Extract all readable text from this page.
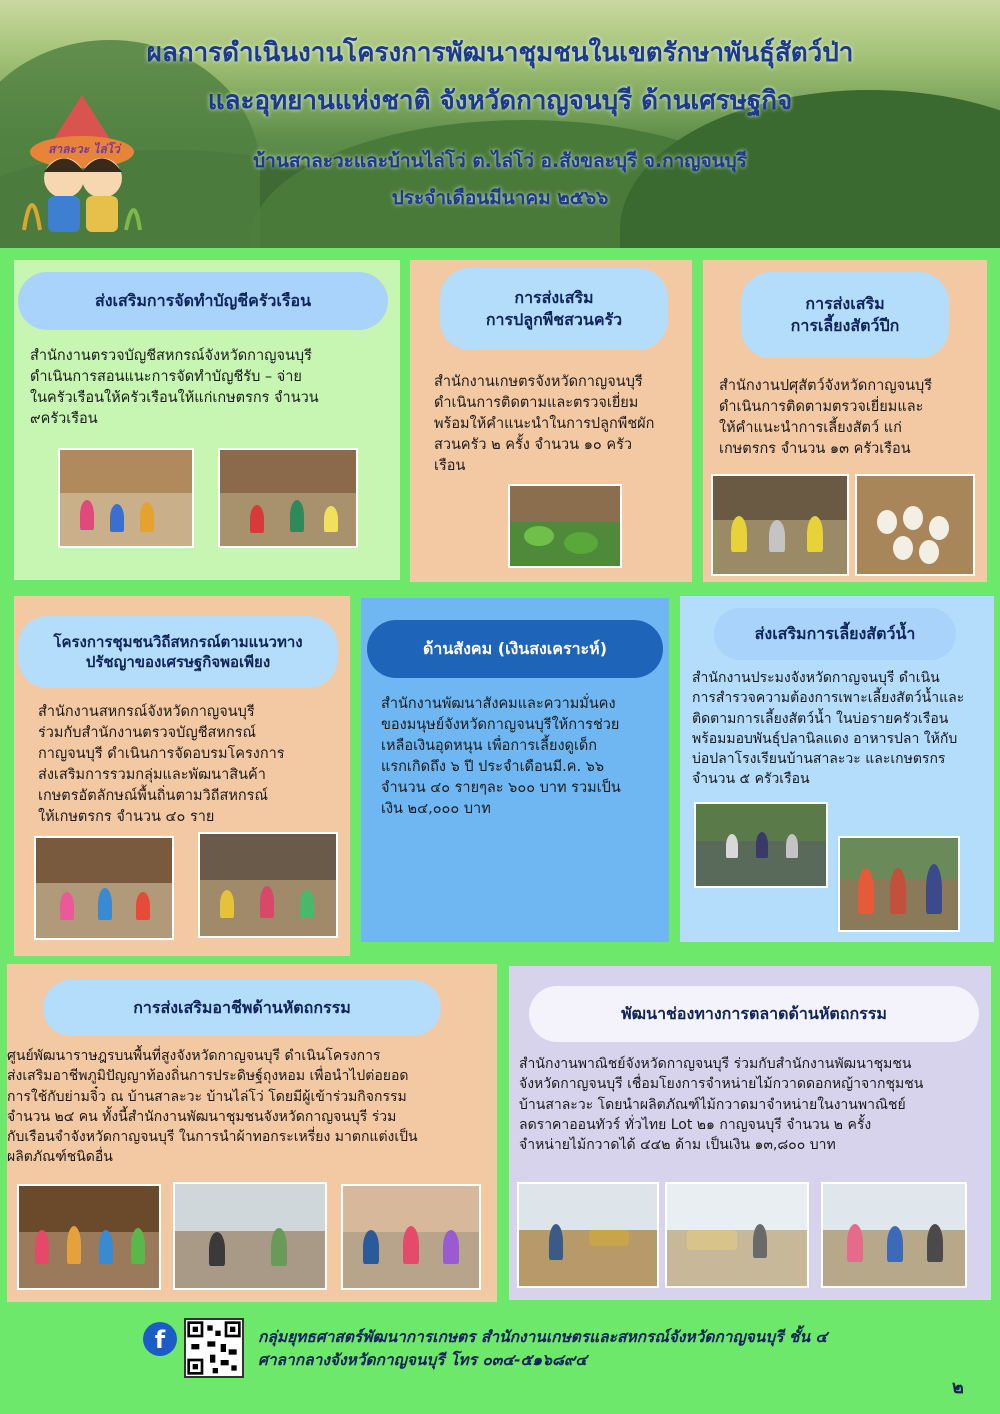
ผลการดำเนินงานโครงการพัฒนาชุมชนในเขตรักษาพันธุ์สัตว์ป่า
และอุทยานแห่งชาติ จังหวัดกาญจนบุรี ด้านเศรษฐกิจ
บ้านสาละวะและบ้านไล่โว่ ต.ไล่โว่ อ.สังขละบุรี จ.กาญจนบุรี
ประจำเดือนมีนาคม ๒๕๖๖
สาละวะ ไล่โว่
ส่งเสริมการจัดทำบัญชีครัวเรือน
สำนักงานตรวจบัญชีสหกรณ์จังหวัดกาญจนบุรี
ดำเนินการสอนแนะการจัดทำบัญชีรับ – จ่าย
ในครัวเรือนให้ครัวเรือนให้แก่เกษตรกร จำนวน
๙ครัวเรือน
การส่งเสริม
การปลูกพืชสวนครัว
สำนักงานเกษตรจังหวัดกาญจนบุรี
ดำเนินการติดตามและตรวจเยี่ยม
พร้อมให้คำแนะนำในการปลูกพืชผัก
สวนครัว ๒ ครั้ง จำนวน ๑๐ ครัว
เรือน
การส่งเสริม
การเลี้ยงสัตว์ปีก
สำนักงานปศุสัตว์จังหวัดกาญจนบุรี
ดำเนินการติดตามตรวจเยี่ยมและ
ให้คำแนะนำการเลี้ยงสัตว์ แก่
เกษตรกร จำนวน ๑๓ ครัวเรือน
โครงการชุมชนวิถีสหกรณ์ตามแนวทาง
ปรัชญาของเศรษฐกิจพอเพียง
สำนักงานสหกรณ์จังหวัดกาญจนบุรี
ร่วมกับสำนักงานตรวจบัญชีสหกรณ์
กาญจนบุรี ดำเนินการจัดอบรมโครงการ
ส่งเสริมการรวมกลุ่มและพัฒนาสินค้า
เกษตรอัตลักษณ์พื้นถิ่นตามวิถีสหกรณ์
ให้เกษตรกร จำนวน ๔๐ ราย
ด้านสังคม (เงินสงเคราะห์)
สำนักงานพัฒนาสังคมและความมั่นคง
ของมนุษย์จังหวัดกาญจนบุรีให้การช่วย
เหลือเงินอุดหนุน เพื่อการเลี้ยงดูเด็ก
แรกเกิดถึง ๖ ปี ประจำเดือนมี.ค. ๖๖
จำนวน ๔๐ รายๆละ ๖๐๐ บาท รวมเป็น
เงิน ๒๔,๐๐๐ บาท
ส่งเสริมการเลี้ยงสัตว์น้ำ
สำนักงานประมงจังหวัดกาญจนบุรี ดำเนิน
การสำรวจความต้องการเพาะเลี้ยงสัตว์น้ำและ
ติดตามการเลี้ยงสัตว์น้ำ ในบ่อรายครัวเรือน
พร้อมมอบพันธุ์ปลานิลแดง อาหารปลา ให้กับ
บ่อปลาโรงเรียนบ้านสาละวะ และเกษตรกร
จำนวน ๕ ครัวเรือน
การส่งเสริมอาชีพด้านหัตถกรรม
ศูนย์พัฒนาราษฎรบนพื้นที่สูงจังหวัดกาญจนบุรี ดำเนินโครงการ
ส่งเสริมอาชีพภูมิปัญญาท้องถิ่นการประดิษฐ์ถุงหอม เพื่อนำไปต่อยอด
การใช้กับย่ามจิ๋ว ณ บ้านสาละวะ บ้านไล่โว่ โดยมีผู้เข้าร่วมกิจกรรม
จำนวน ๒๔ คน ทั้งนี้สำนักงานพัฒนาชุมชนจังหวัดกาญจนบุรี ร่วม
กับเรือนจำจังหวัดกาญจนบุรี ในการนำผ้าทอกระเหรี่ยง มาตกแต่งเป็น
ผลิตภัณฑ์ชนิดอื่น
พัฒนาช่องทางการตลาดด้านหัตถกรรม
สำนักงานพาณิชย์จังหวัดกาญจนบุรี ร่วมกับสำนักงานพัฒนาชุมชน
จังหวัดกาญจนบุรี เชื่อมโยงการจำหน่ายไม้กวาดดอกหญ้าจากชุมชน
บ้านสาละวะ โดยนำผลิตภัณฑ์ไม้กวาดมาจำหน่ายในงานพาณิชย์
ลดราคาออนทัวร์ ทั่วไทย Lot ๒๑ กาญจนบุรี จำนวน ๒ ครั้ง
จำหน่ายไม้กวาดได้ ๔๔๒ ด้าม เป็นเงิน ๑๓,๘๐๐ บาท
f	กลุ่มยุทธศาสตร์พัฒนาการเกษตร สำนักงานเกษตรและสหกรณ์จังหวัดกาญจนบุรี ชั้น ๔
ศาลากลางจังหวัดกาญจนบุรี โทร ๐๓๔-๕๑๖๘๙๔
๒
